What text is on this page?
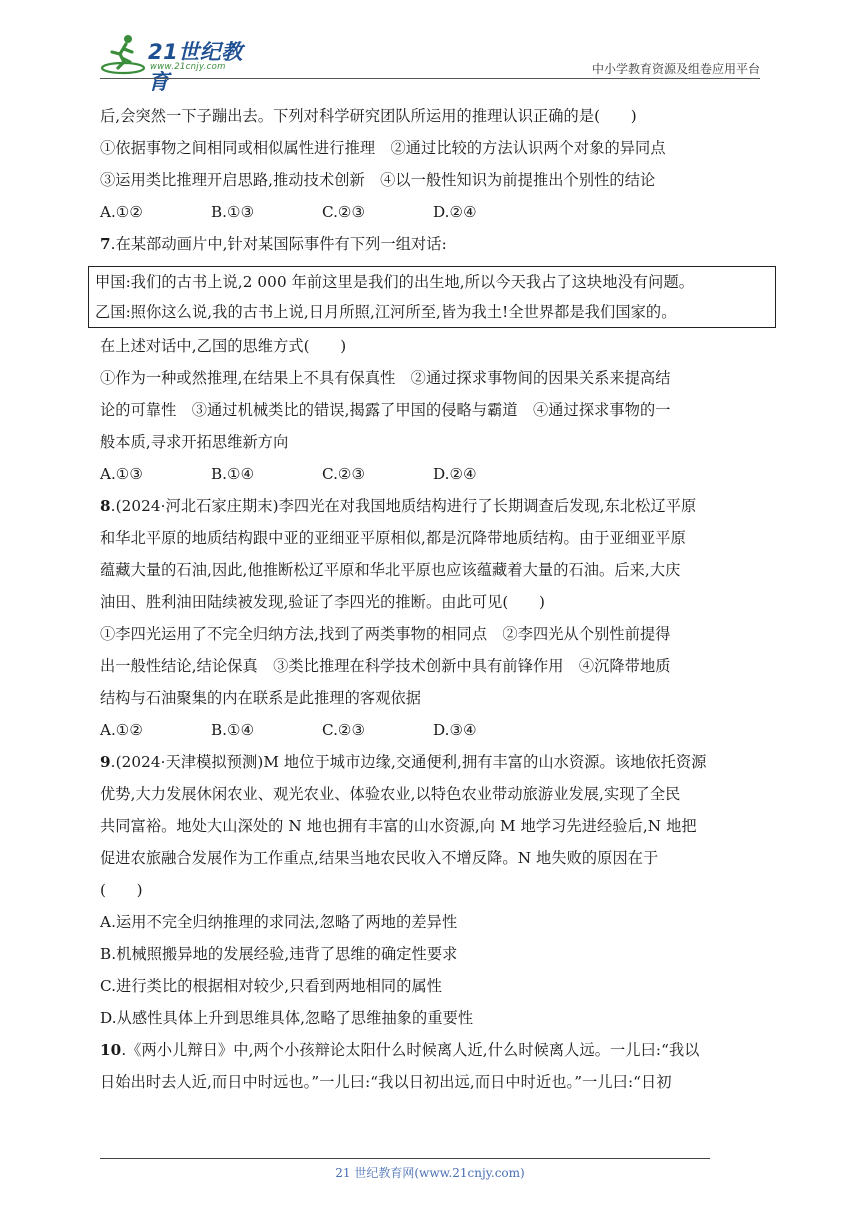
21世纪教育
www.21cnjy.com	中小学教育资源及组卷应用平台

后,会突然一下子蹦出去。下列对科学研究团队所运用的推理认识正确的是(　　)

①依据事物之间相同或相似属性进行推理　②通过比较的方法认识两个对象的异同点

③运用类比推理开启思路,推动技术创新　④以一般性知识为前提推出个别性的结论

A.①②	B.①③	C.②③	D.②④

7.在某部动画片中,针对某国际事件有下列一组对话:

甲国:我们的古书上说,2 000 年前这里是我们的出生地,所以今天我占了这块地没有问题。

乙国:照你这么说,我的古书上说,日月所照,江河所至,皆为我土!全世界都是我们国家的。

在上述对话中,乙国的思维方式(　　)

①作为一种或然推理,在结果上不具有保真性　②通过探求事物间的因果关系来提高结

论的可靠性　③通过机械类比的错误,揭露了甲国的侵略与霸道　④通过探求事物的一

般本质,寻求开拓思维新方向

A.①③	B.①④	C.②③	D.②④

8.(2024·河北石家庄期末)李四光在对我国地质结构进行了长期调查后发现,东北松辽平原

和华北平原的地质结构跟中亚的亚细亚平原相似,都是沉降带地质结构。由于亚细亚平原

蕴藏大量的石油,因此,他推断松辽平原和华北平原也应该蕴藏着大量的石油。后来,大庆

油田、胜利油田陆续被发现,验证了李四光的推断。由此可见(　　)

①李四光运用了不完全归纳方法,找到了两类事物的相同点　②李四光从个别性前提得

出一般性结论,结论保真　③类比推理在科学技术创新中具有前锋作用　④沉降带地质

结构与石油聚集的内在联系是此推理的客观依据

A.①②	B.①④	C.②③	D.③④

9.(2024·天津模拟预测)M 地位于城市边缘,交通便利,拥有丰富的山水资源。该地依托资源

优势,大力发展休闲农业、观光农业、体验农业,以特色农业带动旅游业发展,实现了全民

共同富裕。地处大山深处的 N 地也拥有丰富的山水资源,向 M 地学习先进经验后,N 地把

促进农旅融合发展作为工作重点,结果当地农民收入不增反降。N 地失败的原因在于

(　　)

A.运用不完全归纳推理的求同法,忽略了两地的差异性

B.机械照搬异地的发展经验,违背了思维的确定性要求

C.进行类比的根据相对较少,只看到两地相同的属性

D.从感性具体上升到思维具体,忽略了思维抽象的重要性

10.《两小儿辩日》中,两个小孩辩论太阳什么时候离人近,什么时候离人远。一儿曰:“我以

日始出时去人近,而日中时远也。”一儿曰:“我以日初出远,而日中时近也。”一儿曰:“日初

21 世纪教育网(www.21cnjy.com)
